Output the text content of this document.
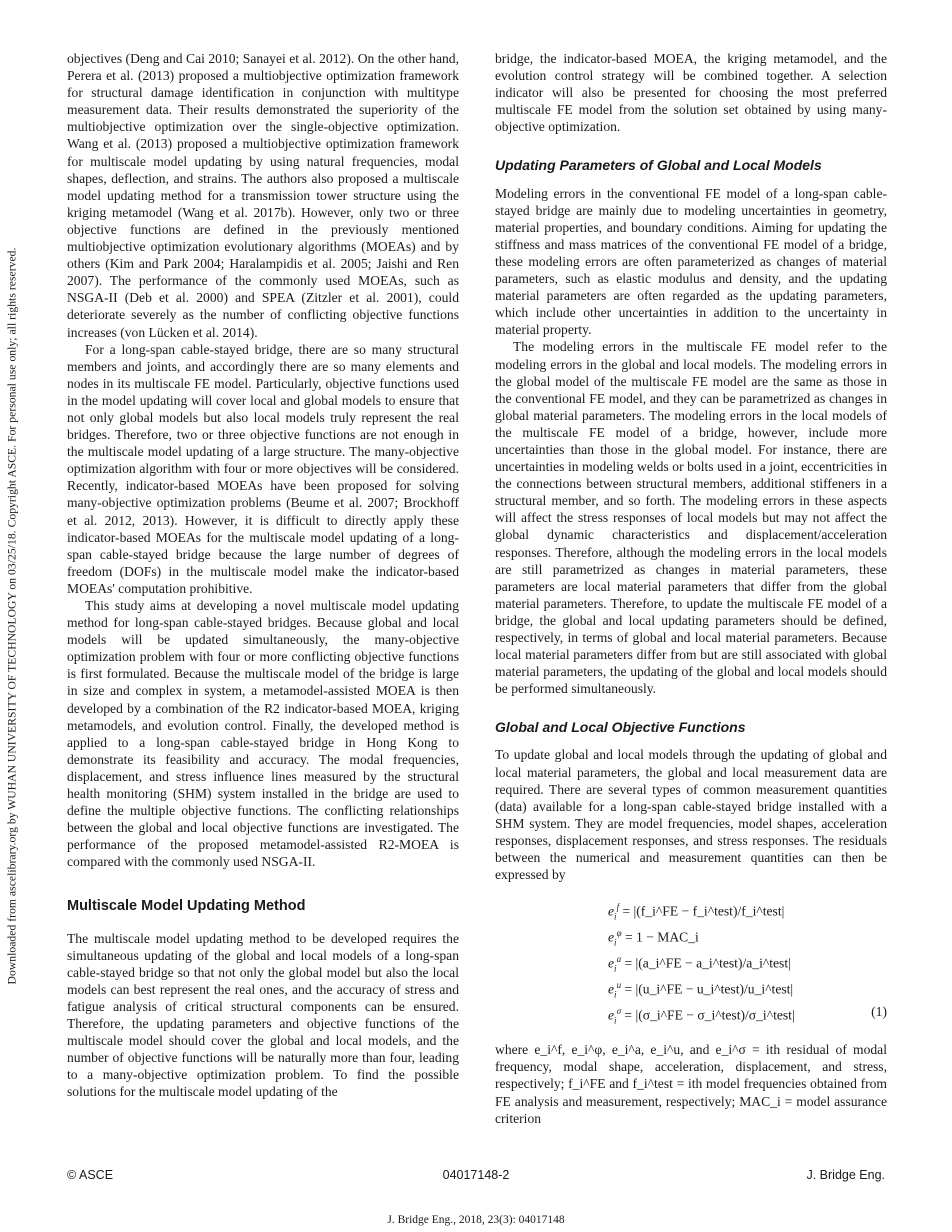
Downloaded from ascelibrary.org by WUHAN UNIVERSITY OF TECHNOLOGY on 03/25/18. Copyright ASCE. For personal use only; all rights reserved.

objectives (Deng and Cai 2010; Sanayei et al. 2012). On the other hand, Perera et al. (2013) proposed a multiobjective optimization framework for structural damage identification in conjunction with multitype measurement data. Their results demonstrated the superiority of the multiobjective optimization over the single-objective optimization. Wang et al. (2013) proposed a multiobjective optimization framework for multiscale model updating by using natural frequencies, modal shapes, deflection, and strains. The authors also proposed a multiscale model updating method for a transmission tower structure using the kriging metamodel (Wang et al. 2017b). However, only two or three objective functions are defined in the previously mentioned multiobjective optimization evolutionary algorithms (MOEAs) and by others (Kim and Park 2004; Haralampidis et al. 2005; Jaishi and Ren 2007). The performance of the commonly used MOEAs, such as NSGA-II (Deb et al. 2000) and SPEA (Zitzler et al. 2001), could deteriorate severely as the number of conflicting objective functions increases (von Lücken et al. 2014).

For a long-span cable-stayed bridge, there are so many structural members and joints, and accordingly there are so many elements and nodes in its multiscale FE model. Particularly, objective functions used in the model updating will cover local and global models to ensure that not only global models but also local models truly represent the real bridges. Therefore, two or three objective functions are not enough in the multiscale model updating of a large structure. The many-objective optimization algorithm with four or more objectives will be considered. Recently, indicator-based MOEAs have been proposed for solving many-objective optimization problems (Beume et al. 2007; Brockhoff et al. 2012, 2013). However, it is difficult to directly apply these indicator-based MOEAs for the multiscale model updating of a long-span cable-stayed bridge because the large number of degrees of freedom (DOFs) in the multiscale model make the indicator-based MOEAs' computation prohibitive.

This study aims at developing a novel multiscale model updating method for long-span cable-stayed bridges. Because global and local models will be updated simultaneously, the many-objective optimization problem with four or more conflicting objective functions is first formulated. Because the multiscale model of the bridge is large in size and complex in system, a metamodel-assisted MOEA is then developed by a combination of the R2 indicator-based MOEA, kriging metamodels, and evolution control. Finally, the developed method is applied to a long-span cable-stayed bridge in Hong Kong to demonstrate its feasibility and accuracy. The modal frequencies, displacement, and stress influence lines measured by the structural health monitoring (SHM) system installed in the bridge are used to define the multiple objective functions. The conflicting relationships between the global and local objective functions are investigated. The performance of the proposed metamodel-assisted R2-MOEA is compared with the commonly used NSGA-II.

Multiscale Model Updating Method

The multiscale model updating method to be developed requires the simultaneous updating of the global and local models of a long-span cable-stayed bridge so that not only the global model but also the local models can best represent the real ones, and the accuracy of stress and fatigue analysis of critical structural components can be ensured. Therefore, the updating parameters and objective functions of the multiscale model should cover the global and local models, and the number of objective functions will be naturally more than four, leading to a many-objective optimization problem. To find the possible solutions for the multiscale model updating of the

bridge, the indicator-based MOEA, the kriging metamodel, and the evolution control strategy will be combined together. A selection indicator will also be presented for choosing the most preferred multiscale FE model from the solution set obtained by using many-objective optimization.

Updating Parameters of Global and Local Models

Modeling errors in the conventional FE model of a long-span cable-stayed bridge are mainly due to modeling uncertainties in geometry, material properties, and boundary conditions. Aiming for updating the stiffness and mass matrices of the conventional FE model of a bridge, these modeling errors are often parameterized as changes of material parameters, such as elastic modulus and density, and the updating material parameters are often regarded as the updating parameters, which include other uncertainties in addition to the uncertainty in material property.

The modeling errors in the multiscale FE model refer to the modeling errors in the global and local models. The modeling errors in the global model of the multiscale FE model are the same as those in the conventional FE model, and they can be parametrized as changes in global material parameters. The modeling errors in the local models of the multiscale FE model of a bridge, however, include more uncertainties than those in the global model. For instance, there are uncertainties in modeling welds or bolts used in a joint, eccentricities in the connections between structural members, additional stiffeners in a structural member, and so forth. The modeling errors in these aspects will affect the stress responses of local models but may not affect the global dynamic characteristics and displacement/acceleration responses. Therefore, although the modeling errors in the local models are still parametrized as changes in material parameters, these parameters are local material parameters that differ from the global material parameters. Therefore, to update the multiscale FE model of a bridge, the global and local updating parameters should be defined, respectively, in terms of global and local material parameters. Because local material parameters differ from but are still associated with global material parameters, the updating of the global and local models should be performed simultaneously.

Global and Local Objective Functions

To update global and local models through the updating of global and local material parameters, the global and local measurement data are required. There are several types of common measurement quantities (data) available for a long-span cable-stayed bridge installed with a SHM system. They are model frequencies, model shapes, acceleration responses, displacement responses, and stress responses. The residuals between the numerical and measurement quantities can then be expressed by

$e_i^f$ = |(f_i^FE − f_i^test)/f_i^test|
$e_i^\varphi = 1$ − MAC_i
$e_i^a$ = |(a_i^FE − a_i^test)/a_i^test|
$e_i^u$ = |(u_i^FE − u_i^test)/u_i^test|
$e_i^\sigma$ = |(σ_i^FE − σ_i^test)/σ_i^test|	(1)

where e_i^f, e_i^φ, e_i^a, e_i^u, and e_i^σ = ith residual of modal frequency, modal shape, acceleration, displacement, and stress, respectively; f_i^FE and f_i^test = ith model frequencies obtained from FE analysis and measurement, respectively; MAC_i = model assurance criterion

© ASCE	04017148-2	J. Bridge Eng.
J. Bridge Eng., 2018, 23(3): 04017148
